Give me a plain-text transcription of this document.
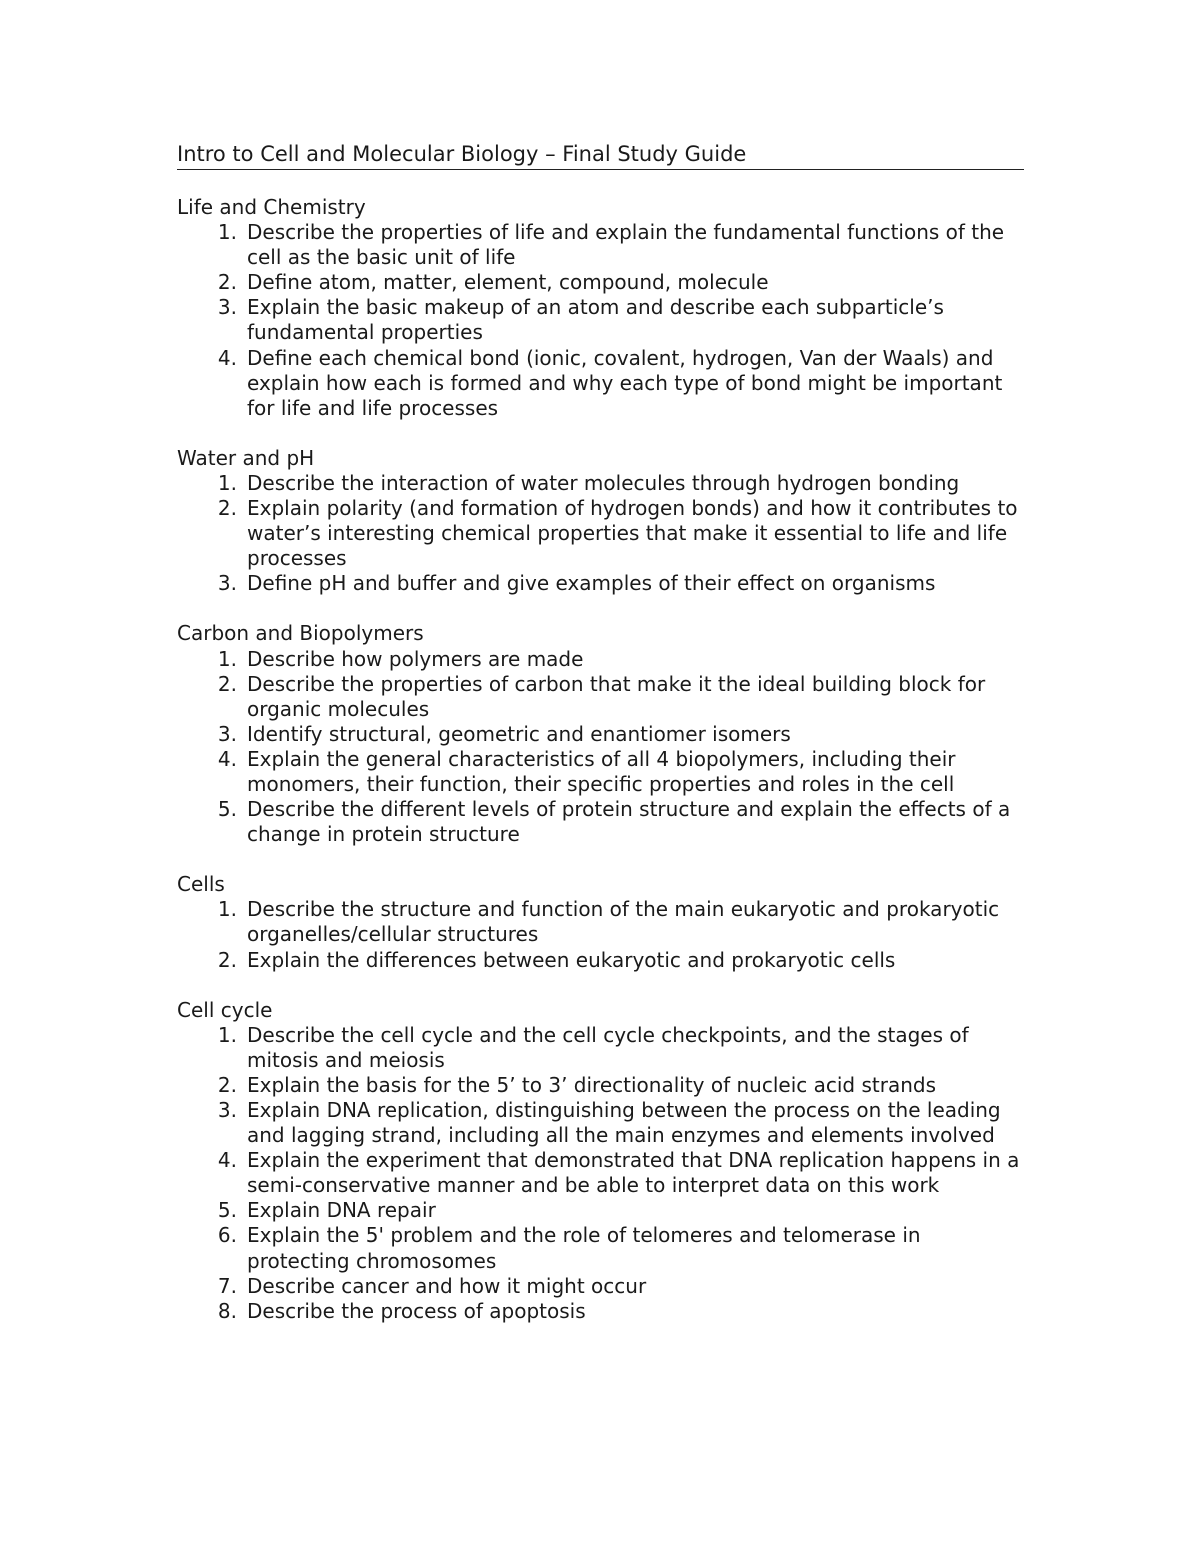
Intro to Cell and Molecular Biology – Final Study Guide
Life and Chemistry
1. Describe the properties of life and explain the fundamental functions of the cell as the basic unit of life
2. Define atom, matter, element, compound, molecule
3. Explain the basic makeup of an atom and describe each subparticle’s fundamental properties
4. Define each chemical bond (ionic, covalent, hydrogen, Van der Waals) and explain how each is formed and why each type of bond might be important for life and life processes
Water and pH
1. Describe the interaction of water molecules through hydrogen bonding
2. Explain polarity (and formation of hydrogen bonds) and how it contributes to water’s interesting chemical properties that make it essential to life and life processes
3. Define pH and buffer and give examples of their effect on organisms
Carbon and Biopolymers
1. Describe how polymers are made
2. Describe the properties of carbon that make it the ideal building block for organic molecules
3. Identify structural, geometric and enantiomer isomers
4. Explain the general characteristics of all 4 biopolymers, including their monomers, their function, their specific properties and roles in the cell
5. Describe the different levels of protein structure and explain the effects of a change in protein structure
Cells
1. Describe the structure and function of the main eukaryotic and prokaryotic organelles/cellular structures
2. Explain the differences between eukaryotic and prokaryotic cells
Cell cycle
1. Describe the cell cycle and the cell cycle checkpoints, and the stages of mitosis and meiosis
2. Explain the basis for the 5’ to 3’ directionality of nucleic acid strands
3. Explain DNA replication, distinguishing between the process on the leading and lagging strand, including all the main enzymes and elements involved
4. Explain the experiment that demonstrated that DNA replication happens in a semi-conservative manner and be able to interpret data on this work
5. Explain DNA repair
6. Explain the 5' problem and the role of telomeres and telomerase in protecting chromosomes
7. Describe cancer and how it might occur
8. Describe the process of apoptosis
